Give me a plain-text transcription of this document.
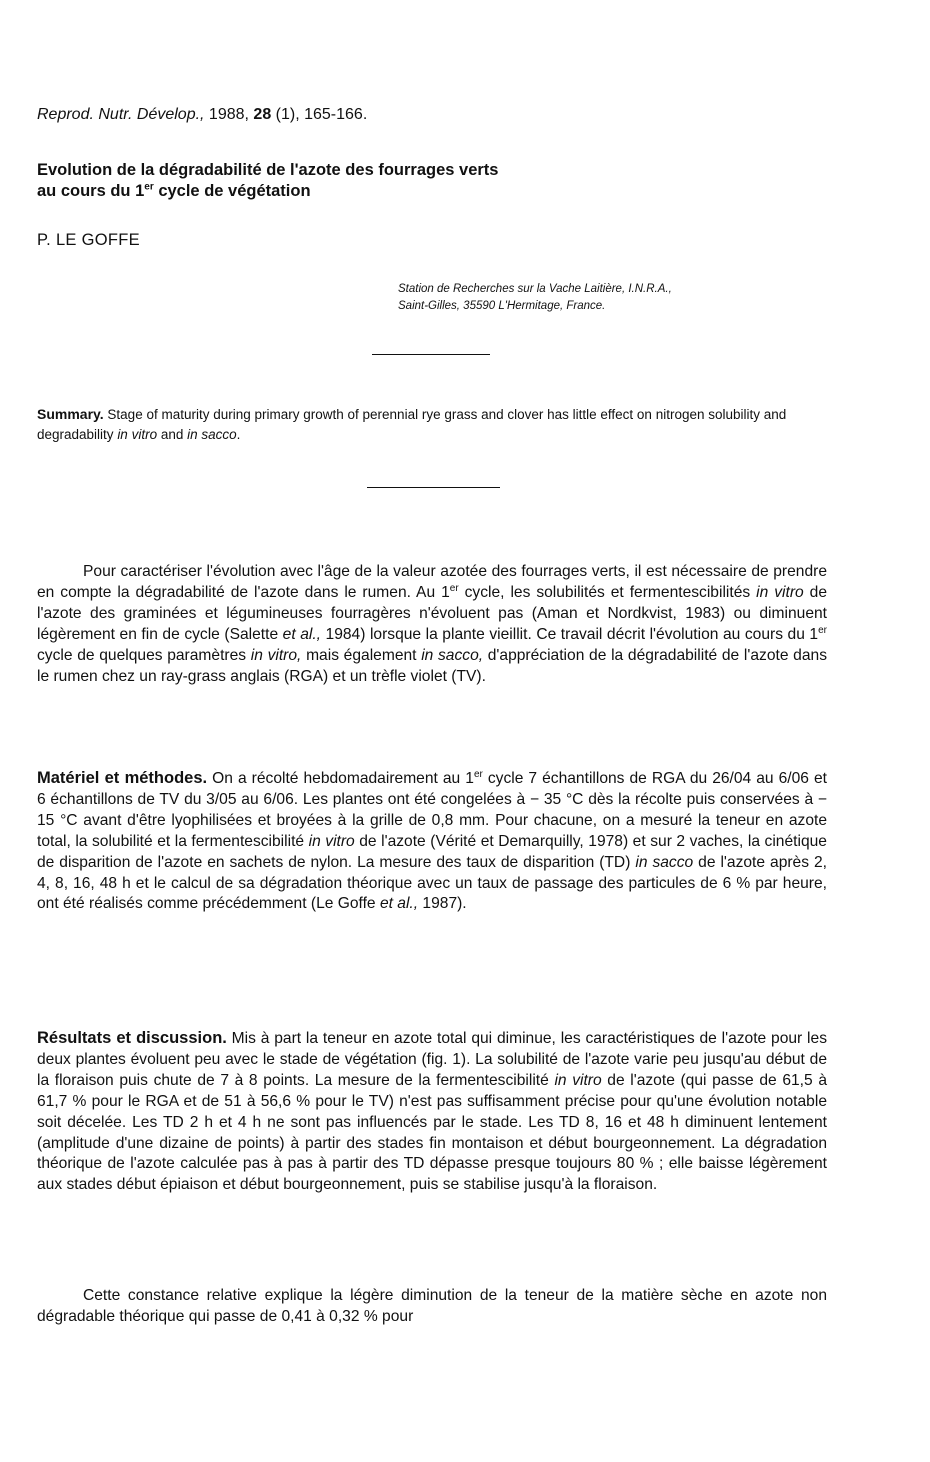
Reprod. Nutr. Dévelop., 1988, 28 (1), 165-166.
Evolution de la dégradabilité de l'azote des fourrages verts
au cours du 1er cycle de végétation
P. LE GOFFE
Station de Recherches sur la Vache Laitière, I.N.R.A.,
Saint-Gilles, 35590 L'Hermitage, France.
Summary. Stage of maturity during primary growth of perennial rye grass and clover has little effect on nitrogen solubility and degradability in vitro and in sacco.
Pour caractériser l'évolution avec l'âge de la valeur azotée des fourrages verts, il est nécessaire de prendre en compte la dégradabilité de l'azote dans le rumen. Au 1er cycle, les solubilités et fermentescibilités in vitro de l'azote des graminées et légumineuses fourragères n'évoluent pas (Aman et Nordkvist, 1983) ou diminuent légèrement en fin de cycle (Salette et al., 1984) lorsque la plante vieillit. Ce travail décrit l'évolution au cours du 1er cycle de quelques paramètres in vitro, mais également in sacco, d'appréciation de la dégradabilité de l'azote dans le rumen chez un ray-grass anglais (RGA) et un trèfle violet (TV).
Matériel et méthodes. On a récolté hebdomadairement au 1er cycle 7 échantillons de RGA du 26/04 au 6/06 et 6 échantillons de TV du 3/05 au 6/06. Les plantes ont été congelées à − 35 °C dès la récolte puis conservées à − 15 °C avant d'être lyophilisées et broyées à la grille de 0,8 mm. Pour chacune, on a mesuré la teneur en azote total, la solubilité et la fermentescibilité in vitro de l'azote (Vérité et Demarquilly, 1978) et sur 2 vaches, la cinétique de disparition de l'azote en sachets de nylon. La mesure des taux de disparition (TD) in sacco de l'azote après 2, 4, 8, 16, 48 h et le calcul de sa dégradation théorique avec un taux de passage des particules de 6 % par heure, ont été réalisés comme précédemment (Le Goffe et al., 1987).
Résultats et discussion. Mis à part la teneur en azote total qui diminue, les caractéristiques de l'azote pour les deux plantes évoluent peu avec le stade de végétation (fig. 1). La solubilité de l'azote varie peu jusqu'au début de la floraison puis chute de 7 à 8 points. La mesure de la fermentescibilité in vitro de l'azote (qui passe de 61,5 à 61,7 % pour le RGA et de 51 à 56,6 % pour le TV) n'est pas suffisamment précise pour qu'une évolution notable soit décelée. Les TD 2 h et 4 h ne sont pas influencés par le stade. Les TD 8, 16 et 48 h diminuent lentement (amplitude d'une dizaine de points) à partir des stades fin montaison et début bourgeonnement. La dégradation théorique de l'azote calculée pas à pas à partir des TD dépasse presque toujours 80 % ; elle baisse légèrement aux stades début épiaison et début bourgeonnement, puis se stabilise jusqu'à la floraison.
Cette constance relative explique la légère diminution de la teneur de la matière sèche en azote non dégradable théorique qui passe de 0,41 à 0,32 % pour
